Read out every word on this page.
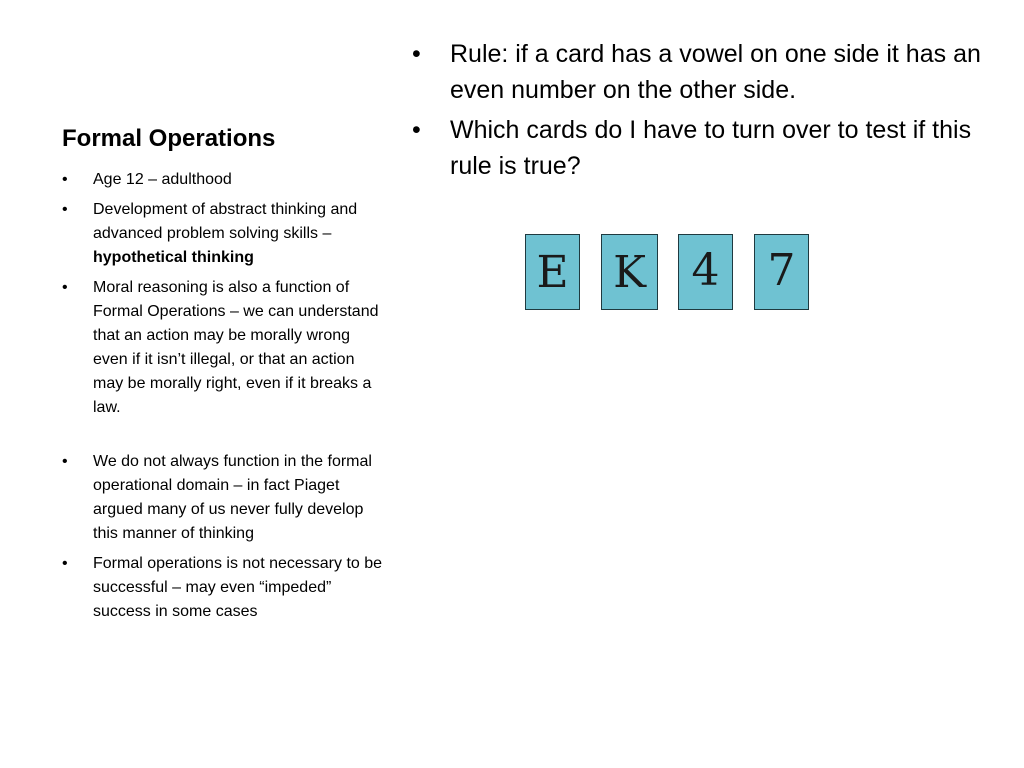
Formal Operations
• Age 12 – adulthood
• Development of abstract thinking and advanced problem solving skills – hypothetical thinking
• Moral reasoning is also a function of Formal Operations – we can understand that an action may be morally wrong even if it isn’t illegal, or that an action may be morally right, even if it breaks a law.
• We do not always function in the formal operational domain – in fact Piaget argued many of us never fully develop this manner of thinking
• Formal operations is not necessary to be successful – may even “impeded” success in some cases
• Rule: if a card has a vowel on one side it has an even number on the other side.
• Which cards do I have to turn over to test if this rule is true?
E K	4	7
